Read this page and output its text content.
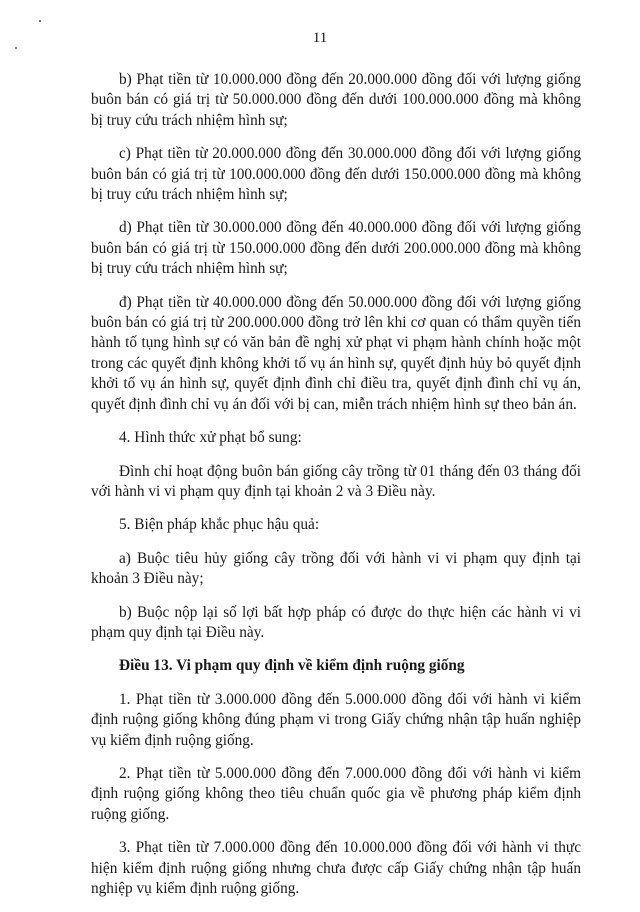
11

b) Phạt tiền từ 10.000.000 đồng đến 20.000.000 đồng đối với lượng giống buôn bán có giá trị từ 50.000.000 đồng đến dưới 100.000.000 đồng mà không bị truy cứu trách nhiệm hình sự;

c) Phạt tiền từ 20.000.000 đồng đến 30.000.000 đồng đối với lượng giống buôn bán có giá trị từ 100.000.000 đồng đến dưới 150.000.000 đồng mà không bị truy cứu trách nhiệm hình sự;

d) Phạt tiền từ 30.000.000 đồng đến 40.000.000 đồng đối với lượng giống buôn bán có giá trị từ 150.000.000 đồng đến dưới 200.000.000 đồng mà không bị truy cứu trách nhiệm hình sự;

đ) Phạt tiền từ 40.000.000 đồng đến 50.000.000 đồng đối với lượng giống buôn bán có giá trị từ 200.000.000 đồng trở lên khi cơ quan có thẩm quyền tiến hành tố tụng hình sự có văn bản đề nghị xử phạt vi phạm hành chính hoặc một trong các quyết định không khởi tố vụ án hình sự, quyết định hủy bỏ quyết định khởi tố vụ án hình sự, quyết định đình chỉ điều tra, quyết định đình chỉ vụ án, quyết định đình chỉ vụ án đối với bị can, miễn trách nhiệm hình sự theo bản án.

4. Hình thức xử phạt bổ sung:

Đình chỉ hoạt động buôn bán giống cây trồng từ 01 tháng đến 03 tháng đối với hành vi vi phạm quy định tại khoản 2 và 3 Điều này.

5. Biện pháp khắc phục hậu quả:

a) Buộc tiêu hủy giống cây trồng đối với hành vi vi phạm quy định tại khoản 3 Điều này;

b) Buộc nộp lại số lợi bất hợp pháp có được do thực hiện các hành vi vi phạm quy định tại Điều này.

Điều 13. Vi phạm quy định về kiểm định ruộng giống

1. Phạt tiền từ 3.000.000 đồng đến 5.000.000 đồng đối với hành vi kiểm định ruộng giống không đúng phạm vi trong Giấy chứng nhận tập huấn nghiệp vụ kiểm định ruộng giống.

2. Phạt tiền từ 5.000.000 đồng đến 7.000.000 đồng đối với hành vi kiểm định ruộng giống không theo tiêu chuẩn quốc gia về phương pháp kiểm định ruộng giống.

3. Phạt tiền từ 7.000.000 đồng đến 10.000.000 đồng đối với hành vi thực hiện kiểm định ruộng giống nhưng chưa được cấp Giấy chứng nhận tập huấn nghiệp vụ kiểm định ruộng giống.
